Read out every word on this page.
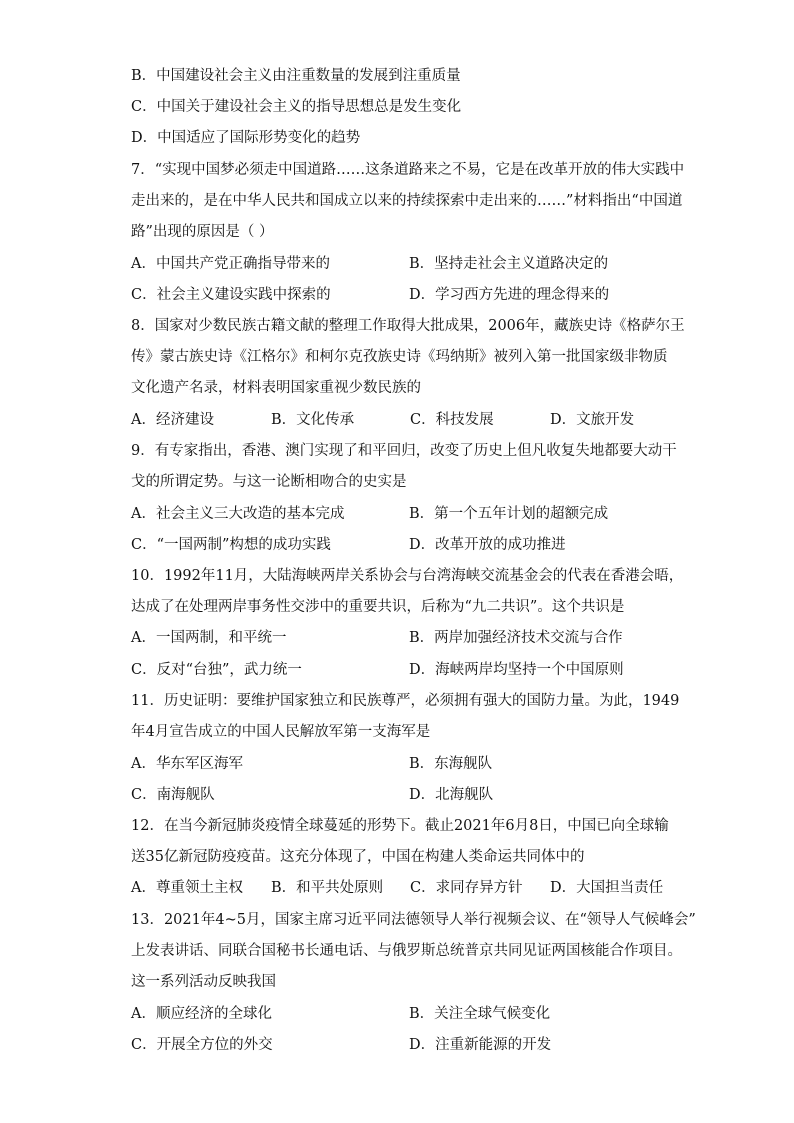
B．中国建设社会主义由注重数量的发展到注重质量
C．中国关于建设社会主义的指导思想总是发生变化
D．中国适应了国际形势变化的趋势
7．“实现中国梦必须走中国道路……这条道路来之不易，它是在改革开放的伟大实践中
走出来的，是在中华人民共和国成立以来的持续探索中走出来的……”材料指出“中国道
路”出现的原因是（ ）
A．中国共产党正确指导带来的	B．坚持走社会主义道路决定的
C．社会主义建设实践中探索的	D．学习西方先进的理念得来的
8．国家对少数民族古籍文献的整理工作取得大批成果，2006年，藏族史诗《格萨尔王
传》蒙古族史诗《江格尔》和柯尔克孜族史诗《玛纳斯》被列入第一批国家级非物质
文化遗产名录，材料表明国家重视少数民族的
A．经济建设	B．文化传承	C．科技发展	D．文旅开发
9．有专家指出，香港、澳门实现了和平回归，改变了历史上但凡收复失地都要大动干
戈的所谓定势。与这一论断相吻合的史实是
A．社会主义三大改造的基本完成	B．第一个五年计划的超额完成
C．“一国两制”构想的成功实践	D．改革开放的成功推进
10．1992年11月，大陆海峡两岸关系协会与台湾海峡交流基金会的代表在香港会晤，
达成了在处理两岸事务性交涉中的重要共识，后称为“九二共识”。这个共识是
A．一国两制，和平统一	B．两岸加强经济技术交流与合作
C．反对“台独”，武力统一	D．海峡两岸均坚持一个中国原则
11．历史证明：要维护国家独立和民族尊严，必须拥有强大的国防力量。为此，1949
年4月宣告成立的中国人民解放军第一支海军是
A．华东军区海军	B．东海舰队
C．南海舰队	D．北海舰队
12．在当今新冠肺炎疫情全球蔓延的形势下。截止2021年6月8日，中国已向全球输
送35亿新冠防疫疫苗。这充分体现了，中国在构建人类命运共同体中的
A．尊重领土主权 B．和平共处原则 C．求同存异方针 D．大国担当责任
13．2021年4~5月，国家主席习近平同法德领导人举行视频会议、在“领导人气候峰会”
上发表讲话、同联合国秘书长通电话、与俄罗斯总统普京共同见证两国核能合作项目。
这一系列活动反映我国
A．顺应经济的全球化	B．关注全球气候变化
C．开展全方位的外交	D．注重新能源的开发
